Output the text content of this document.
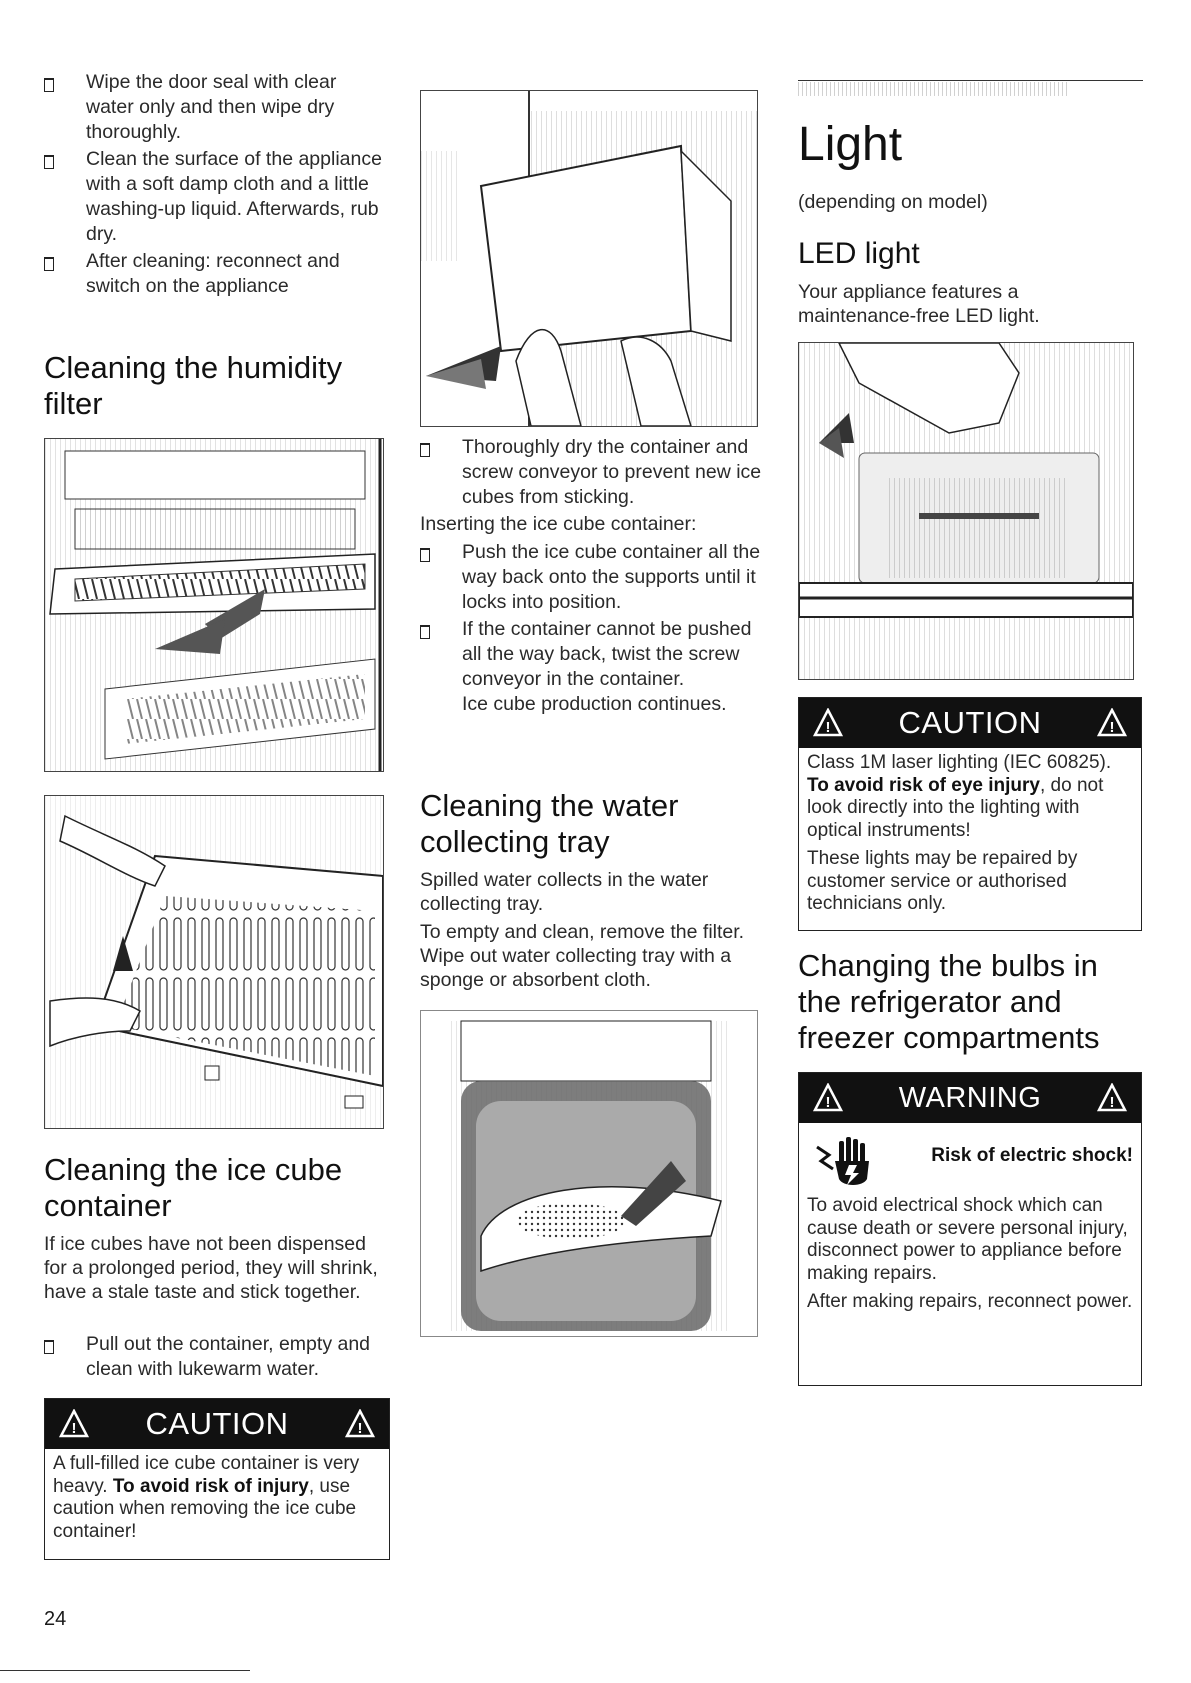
Wipe the door seal with clear water only and then wipe dry thoroughly.
Clean the surface of the appliance with a soft damp cloth and a little washing-up liquid. Afterwards, rub dry.
After cleaning: reconnect and switch on the appliance
Cleaning the humidity filter
Cleaning the ice cube container

If ice cubes have not been dispensed for a prolonged period, they will shrink, have a stale taste and stick together.

Pull out the container, empty and clean with lukewarm water.
! CAUTION	!
A full-filled ice cube container is very heavy. To avoid risk of injury, use caution when removing the ice cube container!
Thoroughly dry the container and screw conveyor to prevent new ice cubes from sticking.

Inserting the ice cube container:

Push the ice cube container all the way back onto the supports until it locks into position.
If the container cannot be pushed all the way back, twist the screw conveyor in the container.
Ice cube production continues.
Cleaning the water collecting tray

Spilled water collects in the water collecting tray.

To empty and clean, remove the filter. Wipe out water collecting tray with a sponge or absorbent cloth.

Light

(depending on model)

LED light

Your appliance features a maintenance-free LED light.

! CAUTION	!
Class 1M laser lighting (IEC 60825).
To avoid risk of eye injury, do not look directly into the lighting with optical instruments!
These lights may be repaired by customer service or authorised technicians only.
Changing the bulbs in the refrigerator and freezer compartments
! WARNING	!
Risk of electric shock!
To avoid electrical shock which can cause death or severe personal injury, disconnect power to appliance before making repairs.
After making repairs, reconnect power.
24
